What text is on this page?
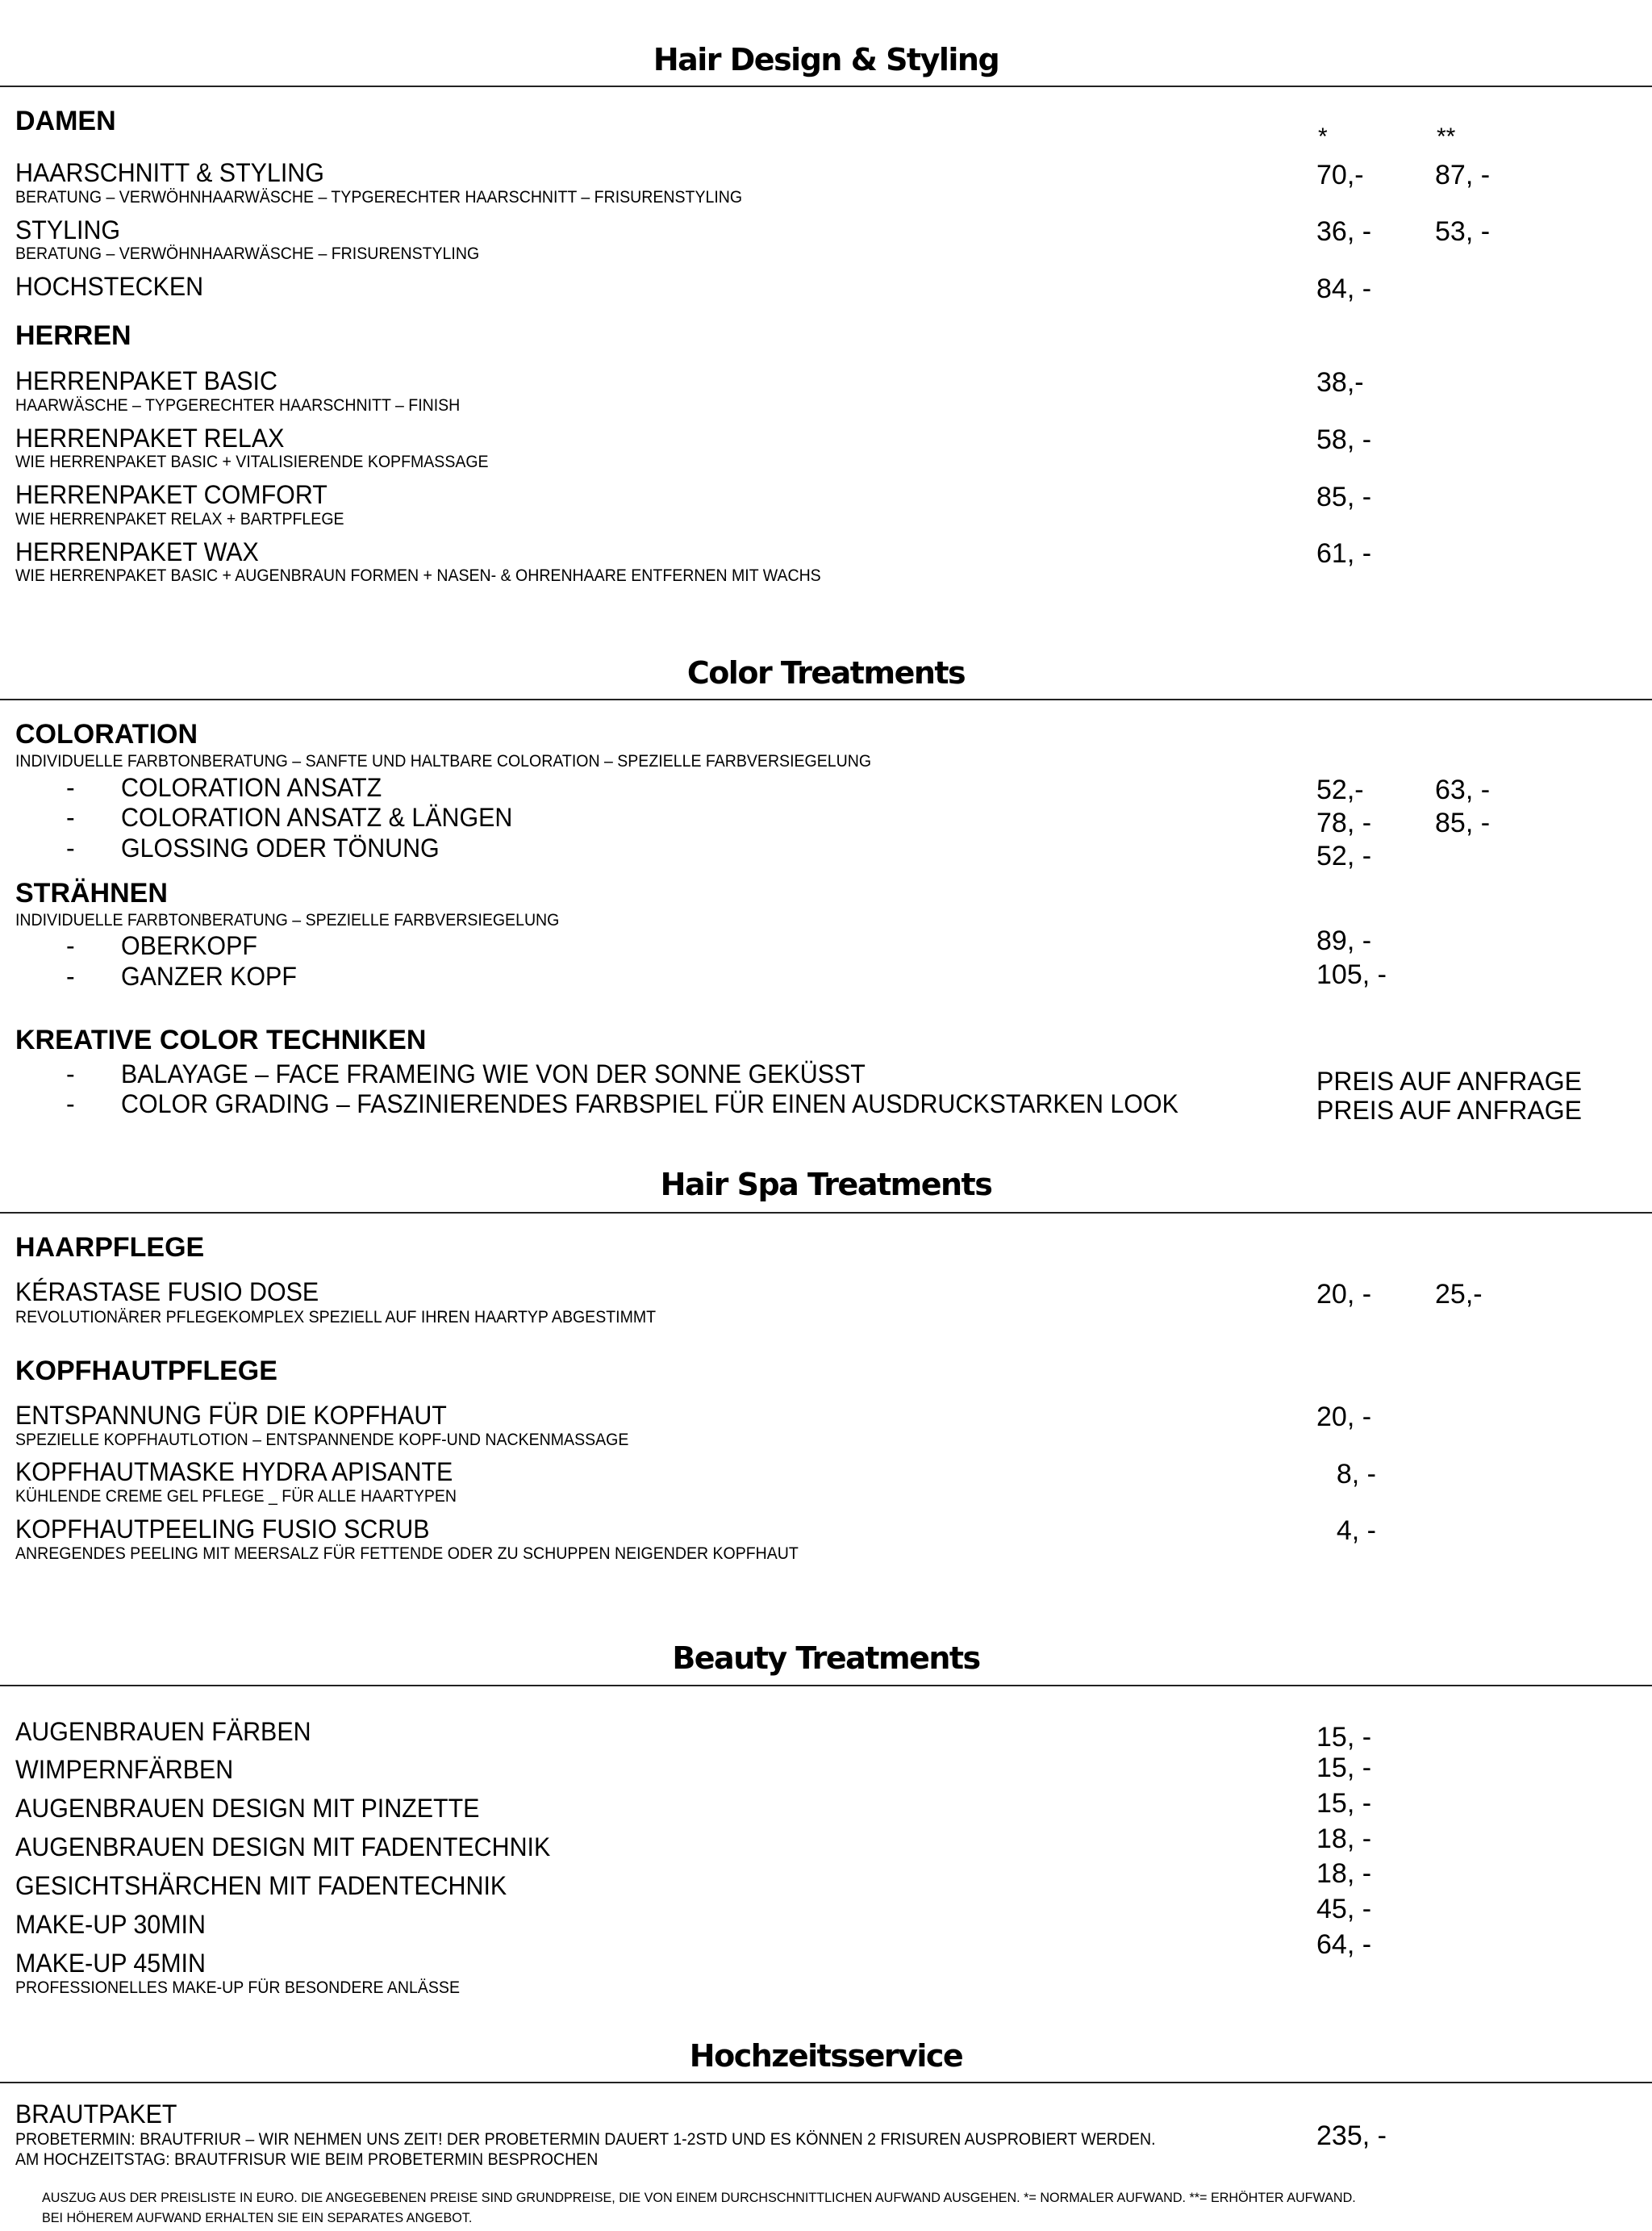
Hair Design & Styling
DAMEN
*	**
HAARSCHNITT & STYLING
BERATUNG – VERWÖHNHAARWÄSCHE – TYPGERECHTER HAARSCHNITT – FRISURENSTYLING
70,-	87, -
STYLING
BERATUNG – VERWÖHNHAARWÄSCHE – FRISURENSTYLING
36, - 53, -
HOCHSTECKEN	84, -
HERREN
HERRENPAKET BASIC
HAARWÄSCHE – TYPGERECHTER HAARSCHNITT – FINISH
38,-
HERRENPAKET RELAX
WIE HERRENPAKET BASIC + VITALISIERENDE KOPFMASSAGE
58, -
HERRENPAKET COMFORT
WIE HERRENPAKET RELAX + BARTPFLEGE
85, -
HERRENPAKET WAX
WIE HERRENPAKET BASIC + AUGENBRAUN FORMEN + NASEN- & OHRENHAARE ENTFERNEN MIT WACHS
61, -
Color Treatments
COLORATION
INDIVIDUELLE FARBTONBERATUNG – SANFTE UND HALTBARE COLORATION – SPEZIELLE FARBVERSIEGELUNG
- COLORATION ANSATZ	52,-	63, -
- COLORATION ANSATZ & LÄNGEN	78, - 85, -
- GLOSSING ODER TÖNUNG	52, -
STRÄHNEN
INDIVIDUELLE FARBTONBERATUNG – SPEZIELLE FARBVERSIEGELUNG
- OBERKOPF	89, -
- GANZER KOPF	105, -
KREATIVE COLOR TECHNIKEN
- BALAYAGE – FACE FRAMEING WIE VON DER SONNE GEKÜSST	PREIS AUF ANFRAGE
- COLOR GRADING – FASZINIERENDES FARBSPIEL FÜR EINEN AUSDRUCKSTARKEN LOOK	PREIS AUF ANFRAGE
Hair Spa Treatments
HAARPFLEGE
KÉRASTASE FUSIO DOSE
REVOLUTIONÄRER PFLEGEKOMPLEX SPEZIELL AUF IHREN HAARTYP ABGESTIMMT
20, - 25,-
KOPFHAUTPFLEGE
ENTSPANNUNG FÜR DIE KOPFHAUT
SPEZIELLE KOPFHAUTLOTION – ENTSPANNENDE KOPF-UND NACKENMASSAGE
20, -
KOPFHAUTMASKE HYDRA APISANTE
KÜHLENDE CREME GEL PFLEGE _ FÜR ALLE HAARTYPEN
8, -
KOPFHAUTPEELING FUSIO SCRUB
ANREGENDES PEELING MIT MEERSALZ FÜR FETTENDE ODER ZU SCHUPPEN NEIGENDER KOPFHAUT
4, -
Beauty Treatments
AUGENBRAUEN FÄRBEN	15, -
WIMPERNFÄRBEN	15, -
AUGENBRAUEN DESIGN MIT PINZETTE	15, -
AUGENBRAUEN DESIGN MIT FADENTECHNIK	18, -
GESICHTSHÄRCHEN MIT FADENTECHNIK	18, -
MAKE-UP 30MIN	45, -
MAKE-UP 45MIN
PROFESSIONELLES MAKE-UP FÜR BESONDERE ANLÄSSE
64, -
Hochzeitsservice
BRAUTPAKET
PROBETERMIN: BRAUTFRIUR – WIR NEHMEN UNS ZEIT! DER PROBETERMIN DAUERT 1-2STD UND ES KÖNNEN 2 FRISUREN AUSPROBIERT WERDEN.
AM HOCHZEITSTAG: BRAUTFRISUR WIE BEIM PROBETERMIN BESPROCHEN
235, -
AUSZUG AUS DER PREISLISTE IN EURO. DIE ANGEGEBENEN PREISE SIND GRUNDPREISE, DIE VON EINEM DURCHSCHNITTLICHEN AUFWAND AUSGEHEN. *= NORMALER AUFWAND. **= ERHÖHTER AUFWAND.
BEI HÖHEREM AUFWAND ERHALTEN SIE EIN SEPARATES ANGEBOT.
